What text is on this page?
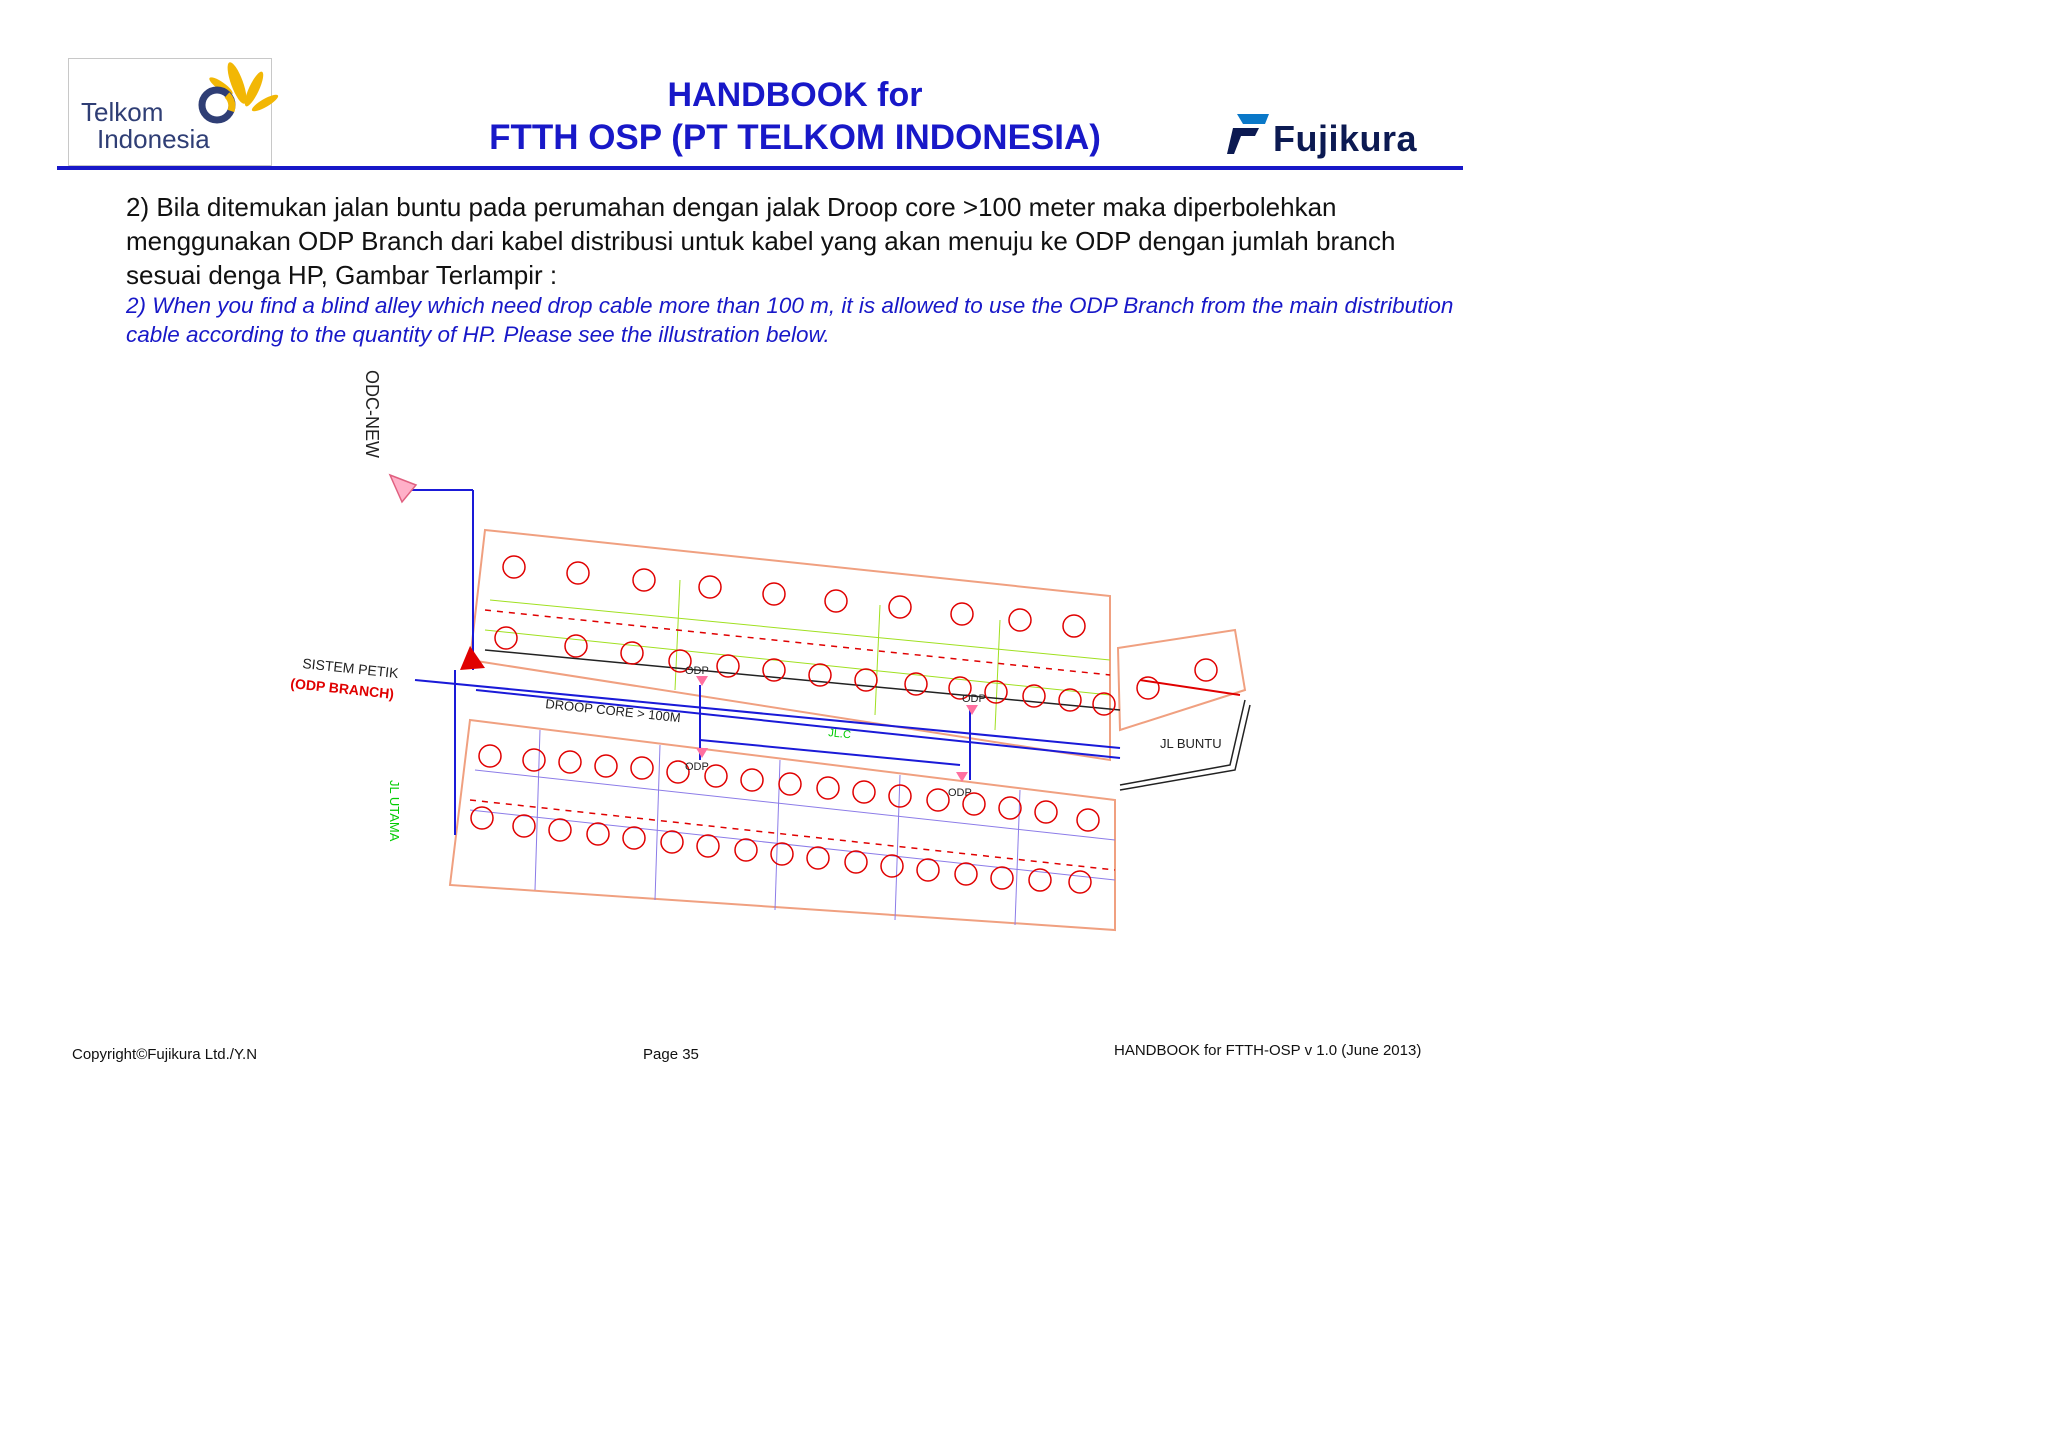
Telkom
Indonesia
HANDBOOK for
FTTH OSP (PT TELKOM INDONESIA)	Fujikura
2) Bila ditemukan jalan buntu pada perumahan dengan jalak Droop core >100 meter maka diperbolehkan menggunakan ODP Branch dari kabel distribusi untuk kabel yang akan menuju ke ODP dengan jumlah branch sesuai denga HP, Gambar Terlampir :
2) When you find a blind alley which need drop cable more than 100 m, it is allowed to use the ODP Branch from the main distribution cable according to the quantity of HP. Please see the illustration below.
ODC-NEW
SISTEM PETIK
(ODP BRANCH)
DROOP CORE > 100M
ODP
ODP
ODP
ODP
JL.C
JL BUNTU
JL UTAMA
Copyright©Fujikura Ltd./Y.N	Page 35	HANDBOOK for FTTH-OSP v 1.0 (June 2013)
